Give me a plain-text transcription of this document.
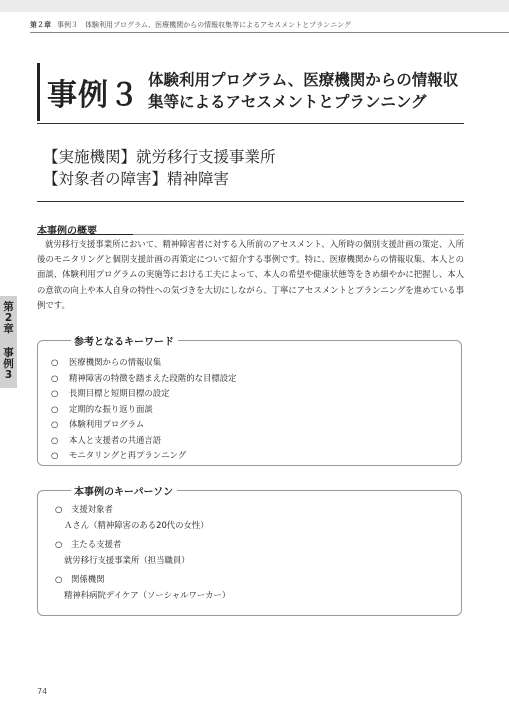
第２章 事例３　体験利用プログラム、医療機関からの情報収集等によるアセスメントとプランニング
事例３ 体験利用プログラム、医療機関からの情報収
集等によるアセスメントとプランニング
【実施機関】就労移行支援事業所
【対象者の障害】精神障害
本事例の概要
就労移行支援事業所において、精神障害者に対する入所前のアセスメント、入所時の個別支援計画の策定、入所後のモニタリングと個別支援計画の再策定について紹介する事例です。特に、医療機関からの情報収集、本人との面談、体験利用プログラムの実施等における工夫によって、本人の希望や健康状態等をきめ細やかに把握し、本人の意欲の向上や本人自身の特性への気づきを大切にしながら、丁寧にアセスメントとプランニングを進めている事例です。
第
2
章
事
例
3
参考となるキーワード
○ 医療機関からの情報収集
○ 精神障害の特徴を踏まえた段階的な目標設定
○ 長期目標と短期目標の設定
○ 定期的な振り返り面談
○ 体験利用プログラム
○ 本人と支援者の共通言語
○ モニタリングと再プランニング
本事例のキーパーソン
○ 支援対象者
Ａさん（精神障害のある20代の女性）
○ 主たる支援者
就労移行支援事業所（担当職員）
○ 関係機関
精神科病院デイケア（ソーシャルワーカー）
74
